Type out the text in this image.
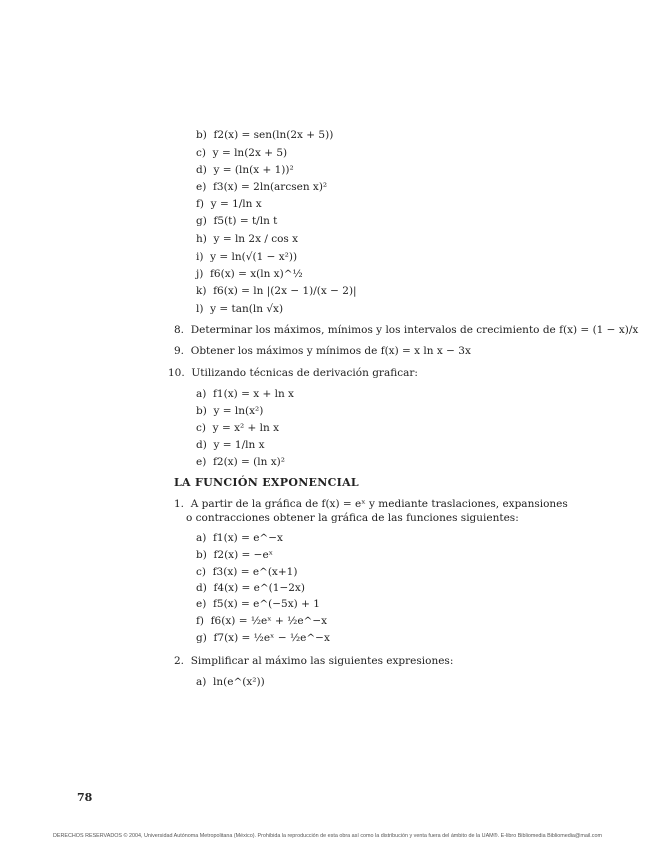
b) f2(x) = sen(ln(2x + 5))
c) y = ln(2x + 5)
d) y = (ln(x + 1))²
e) f3(x) = 2ln(arcsen x)²
f) y = 1/ln x
g) f5(t) = t/ln t
h) y = ln 2x / cos x
i) y = ln(√(1 − x²))
j) f6(x) = x(ln x)^½
k) f6(x) = ln |(2x − 1)/(x − 2)|
l) y = tan(ln √x)
8. Determinar los máximos, mínimos y los intervalos de crecimiento de f(x) = (1 − x)/x
9. Obtener los máximos y mínimos de f(x) = x ln x − 3x
10. Utilizando técnicas de derivación graficar:
a) f1(x) = x + ln x
b) y = ln(x²)
c) y = x² + ln x
d) y = 1/ln x
e) f2(x) = (ln x)²
LA FUNCIÓN EXPONENCIAL
1. A partir de la gráfica de f(x) = eˣ y mediante traslaciones, expansiones
o contracciones obtener la gráfica de las funciones siguientes:
a) f1(x) = e^−x
b) f2(x) = −eˣ
c) f3(x) = e^(x+1)
d) f4(x) = e^(1−2x)
e) f5(x) = e^(−5x) + 1
f) f6(x) = ½eˣ + ½e^−x
g) f7(x) = ½eˣ − ½e^−x
2. Simplificar al máximo las siguientes expresiones:
a) ln(e^(x²))
78
DERECHOS RESERVADOS © 2004, Universidad Autónoma Metropolitana (México). Prohibida la reproducción de esta obra así como la distribución y venta fuera del ámbito de la UAM®. E-libro Bibliomedia Bibliomedia@mail.com
